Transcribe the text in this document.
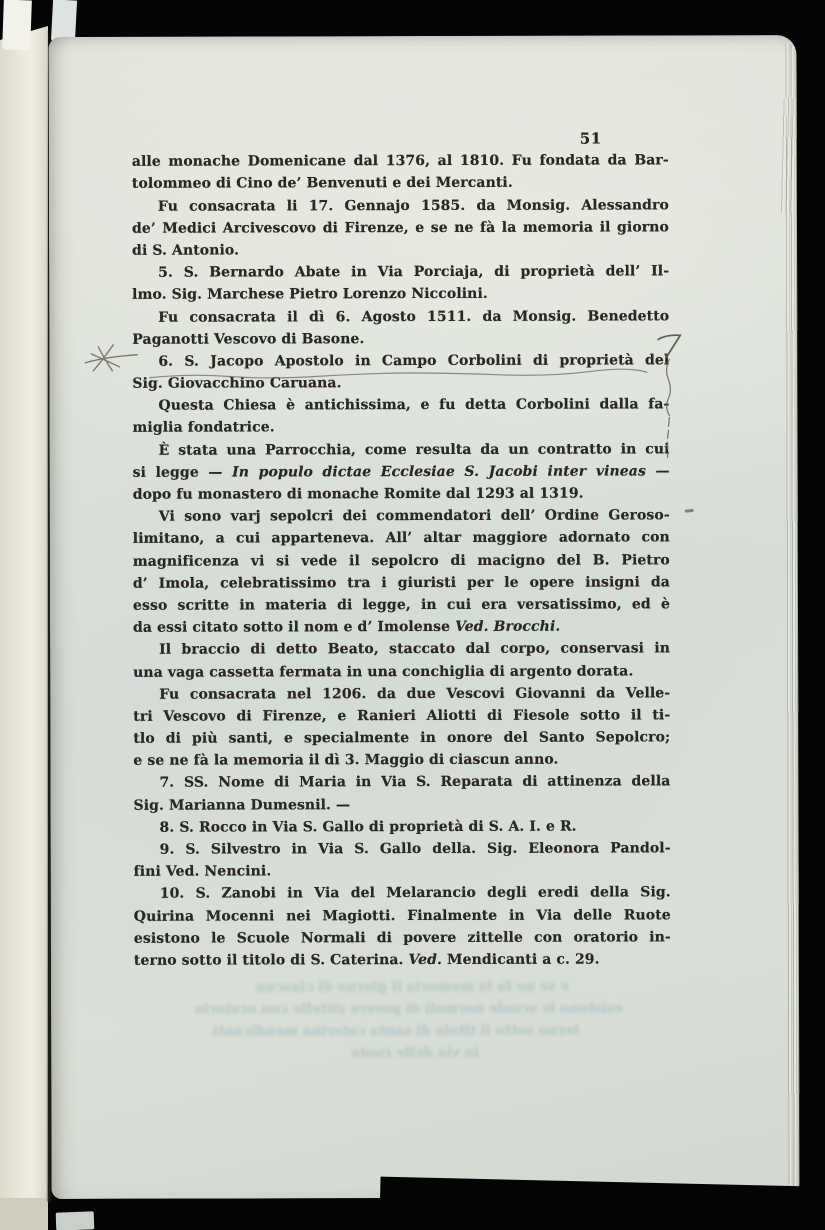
51
alle monache Domenicane dal 1376, al 1810. Fu fondata da Bar-
tolommeo di Cino de’ Benvenuti e dei Mercanti.
Fu consacrata li 17. Gennajo 1585. da Monsig. Alessandro
de’ Medici Arcivescovo di Firenze, e se ne fà la memoria il giorno
di S. Antonio.
5. S. Bernardo Abate in Via Porciaja, di proprietà dell’ Il-
lmo. Sig. Marchese Pietro Lorenzo Niccolini.
Fu consacrata il dì 6. Agosto 1511. da Monsig. Benedetto
Paganotti Vescovo di Basone.
6. S. Jacopo Apostolo in Campo Corbolini di proprietà del
Sig. Giovacchino Caruana.
Questa Chiesa è antichissima, e fu detta Corbolini dalla fa-
miglia fondatrice.
È stata una Parrocchia, come resulta da un contratto in cui
si legge — In populo dictae Ecclesiae S. Jacobi inter vineas —
dopo fu monastero di monache Romite dal 1293 al 1319.
Vi sono varj sepolcri dei commendatori dell’ Ordine Geroso-
limitano, a cui apparteneva. All’ altar maggiore adornato con
magnificenza vi si vede il sepolcro di macigno del B. Pietro
d’ Imola, celebratissimo tra i giuristi per le opere insigni da
esso scritte in materia di legge, in cui era versatissimo, ed è
da essi citato sotto il nom e d’ Imolense Ved. Brocchi.
Il braccio di detto Beato, staccato dal corpo, conservasi in
una vaga cassetta fermata in una conchiglia di argento dorata.
Fu consacrata nel 1206. da due Vescovi Giovanni da Velle-
tri Vescovo di Firenze, e Ranieri Aliotti di Fiesole sotto il ti-
tlo di più santi, e specialmente in onore del Santo Sepolcro;
e se ne fà la memoria il dì 3. Maggio di ciascun anno.
7. SS. Nome di Maria in Via S. Reparata di attinenza della
Sig. Marianna Dumesnil. —
8. S. Rocco in Via S. Gallo di proprietà di S. A. I. e R.
9. S. Silvestro in Via S. Gallo della. Sig. Eleonora Pandol-
fini Ved. Nencini.
10. S. Zanobi in Via del Melarancio degli eredi della Sig.
Quirina Mocenni nei Magiotti. Finalmente in Via delle Ruote
esistono le Scuole Normali di povere zittelle con oratorio in-
terno sotto il titolo di S. Caterina. Ved. Mendicanti a c. 29.
e se ne fa la memoria il giorno di ciascun
esistono le scuole normali di povere zittelle con oratorio
terno sotto il titolo di santa caterina mendicanti
in via delle ruote
